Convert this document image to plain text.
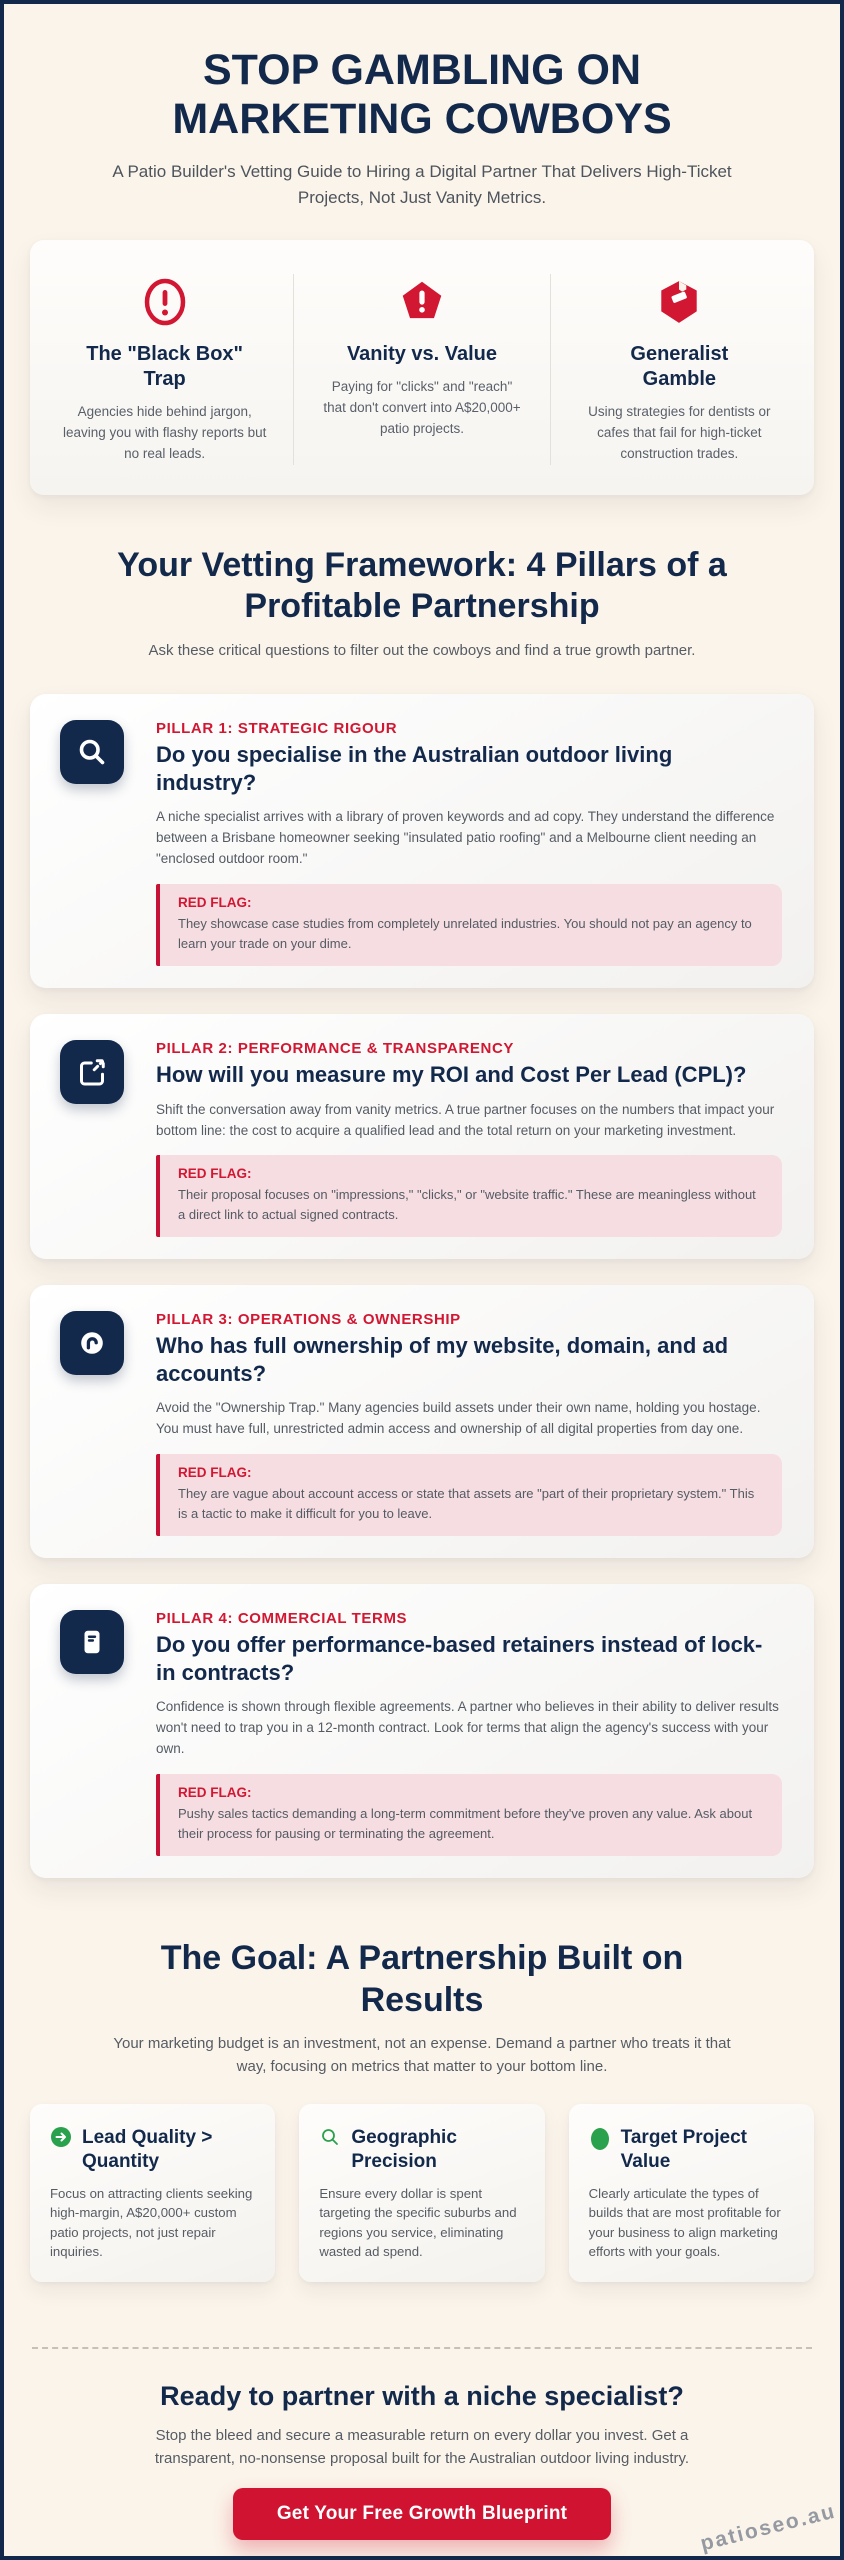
STOP GAMBLING ON MARKETING COWBOYS

A Patio Builder's Vetting Guide to Hiring a Digital Partner That Delivers High-Ticket Projects, Not Just Vanity Metrics.

The "Black Box" Trap

Agencies hide behind jargon, leaving you with flashy reports but no real leads.

Vanity vs. Value

Paying for "clicks" and "reach" that don't convert into A$20,000+ patio projects.

Generalist Gamble

Using strategies for dentists or cafes that fail for high-ticket construction trades.

Your Vetting Framework: 4 Pillars of a Profitable Partnership

Ask these critical questions to filter out the cowboys and find a true growth partner.

PILLAR 1: STRATEGIC RIGOUR
Do you specialise in the Australian outdoor living industry?

A niche specialist arrives with a library of proven keywords and ad copy. They understand the difference between a Brisbane homeowner seeking "insulated patio roofing" and a Melbourne client needing an "enclosed outdoor room."

RED FLAG:

They showcase case studies from completely unrelated industries. You should not pay an agency to learn your trade on your dime.

PILLAR 2: PERFORMANCE & TRANSPARENCY
How will you measure my ROI and Cost Per Lead (CPL)?

Shift the conversation away from vanity metrics. A true partner focuses on the numbers that impact your bottom line: the cost to acquire a qualified lead and the total return on your marketing investment.

RED FLAG:

Their proposal focuses on "impressions," "clicks," or "website traffic." These are meaningless without a direct link to actual signed contracts.

PILLAR 3: OPERATIONS & OWNERSHIP
Who has full ownership of my website, domain, and ad accounts?

Avoid the "Ownership Trap." Many agencies build assets under their own name, holding you hostage. You must have full, unrestricted admin access and ownership of all digital properties from day one.

RED FLAG:

They are vague about account access or state that assets are "part of their proprietary system." This is a tactic to make it difficult for you to leave.

PILLAR 4: COMMERCIAL TERMS
Do you offer performance-based retainers instead of lock-in contracts?

Confidence is shown through flexible agreements. A partner who believes in their ability to deliver results won't need to trap you in a 12-month contract. Look for terms that align the agency's success with your own.

RED FLAG:

Pushy sales tactics demanding a long-term commitment before they've proven any value. Ask about their process for pausing or terminating the agreement.

The Goal: A Partnership Built on Results

Your marketing budget is an investment, not an expense. Demand a partner who treats it that way, focusing on metrics that matter to your bottom line.

Lead Quality > Quantity

Focus on attracting clients seeking high-margin, A$20,000+ custom patio projects, not just repair inquiries.

Geographic Precision

Ensure every dollar is spent targeting the specific suburbs and regions you service, eliminating wasted ad spend.

Target Project Value

Clearly articulate the types of builds that are most profitable for your business to align marketing efforts with your goals.

Ready to partner with a niche specialist?

Stop the bleed and secure a measurable return on every dollar you invest. Get a transparent, no-nonsense proposal built for the Australian outdoor living industry.

Get Your Free Growth Blueprint	patioseo.au
